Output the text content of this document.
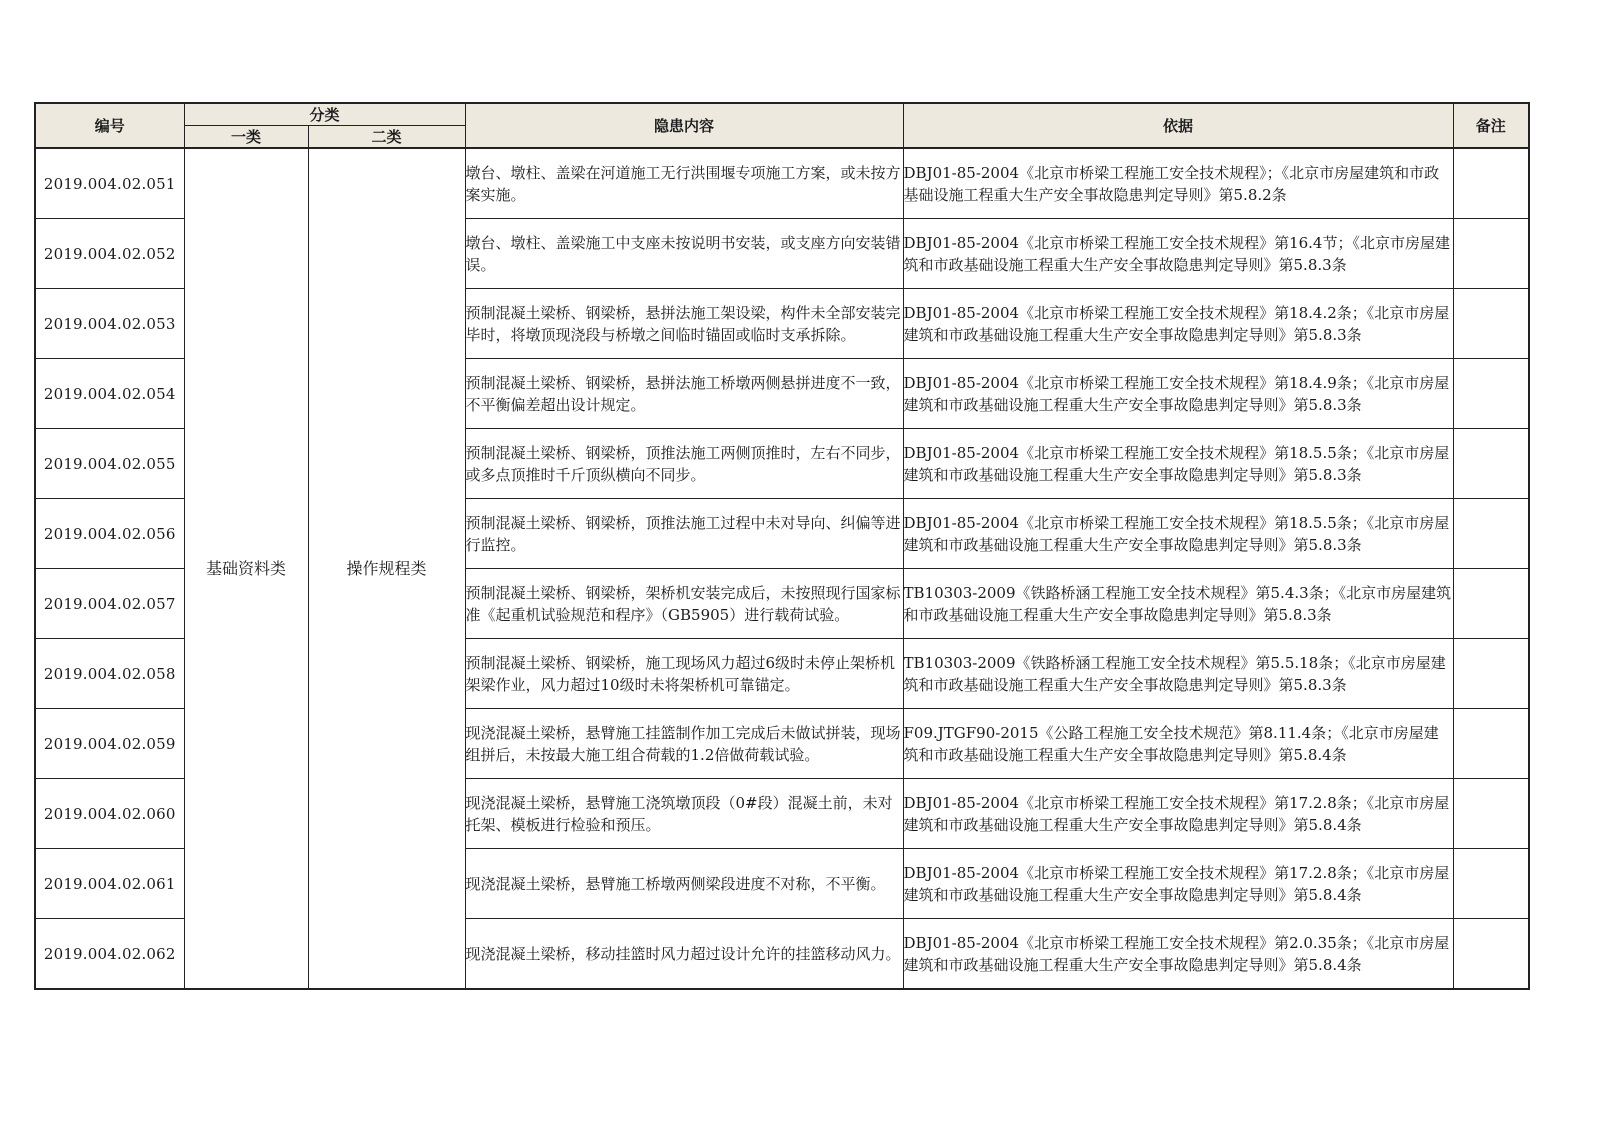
编号	分类		隐患内容	依据	备注
	一类	二类			
2019.004.02.051	基础资料类	操作规程类	墩台、墩柱、盖梁在河道施工无行洪围堰专项施工方案，或未按方案实施。	DBJ01-85-2004《北京市桥梁工程施工安全技术规程》；《北京市房屋建筑和市政基础设施工程重大生产安全事故隐患判定导则》第5.8.2条	
2019.004.02.052			墩台、墩柱、盖梁施工中支座未按说明书安装，或支座方向安装错误。	DBJ01-85-2004《北京市桥梁工程施工安全技术规程》第16.4节；《北京市房屋建筑和市政基础设施工程重大生产安全事故隐患判定导则》第5.8.3条	
2019.004.02.053			预制混凝土梁桥、钢梁桥，悬拼法施工架设梁，构件未全部安装完毕时，将墩顶现浇段与桥墩之间临时锚固或临时支承拆除。	DBJ01-85-2004《北京市桥梁工程施工安全技术规程》第18.4.2条；《北京市房屋建筑和市政基础设施工程重大生产安全事故隐患判定导则》第5.8.3条	
2019.004.02.054			预制混凝土梁桥、钢梁桥，悬拼法施工桥墩两侧悬拼进度不一致，不平衡偏差超出设计规定。	DBJ01-85-2004《北京市桥梁工程施工安全技术规程》第18.4.9条；《北京市房屋建筑和市政基础设施工程重大生产安全事故隐患判定导则》第5.8.3条	
2019.004.02.055			预制混凝土梁桥、钢梁桥，顶推法施工两侧顶推时，左右不同步，或多点顶推时千斤顶纵横向不同步。	DBJ01-85-2004《北京市桥梁工程施工安全技术规程》第18.5.5条；《北京市房屋建筑和市政基础设施工程重大生产安全事故隐患判定导则》第5.8.3条	
2019.004.02.056			预制混凝土梁桥、钢梁桥，顶推法施工过程中未对导向、纠偏等进行监控。	DBJ01-85-2004《北京市桥梁工程施工安全技术规程》第18.5.5条；《北京市房屋建筑和市政基础设施工程重大生产安全事故隐患判定导则》第5.8.3条	
2019.004.02.057			预制混凝土梁桥、钢梁桥，架桥机安装完成后，未按照现行国家标准《起重机试验规范和程序》（GB5905）进行载荷试验。	TB10303-2009《铁路桥涵工程施工安全技术规程》第5.4.3条；《北京市房屋建筑和市政基础设施工程重大生产安全事故隐患判定导则》第5.8.3条	
2019.004.02.058			预制混凝土梁桥、钢梁桥，施工现场风力超过6级时未停止架桥机架梁作业，风力超过10级时未将架桥机可靠锚定。	TB10303-2009《铁路桥涵工程施工安全技术规程》第5.5.18条；《北京市房屋建筑和市政基础设施工程重大生产安全事故隐患判定导则》第5.8.3条	
2019.004.02.059			现浇混凝土梁桥，悬臂施工挂篮制作加工完成后未做试拼装，现场组拼后，未按最大施工组合荷载的1.2倍做荷载试验。	F09.JTGF90-2015《公路工程施工安全技术规范》第8.11.4条；《北京市房屋建筑和市政基础设施工程重大生产安全事故隐患判定导则》第5.8.4条	
2019.004.02.060			现浇混凝土梁桥，悬臂施工浇筑墩顶段（0#段）混凝土前，未对托架、模板进行检验和预压。	DBJ01-85-2004《北京市桥梁工程施工安全技术规程》第17.2.8条；《北京市房屋建筑和市政基础设施工程重大生产安全事故隐患判定导则》第5.8.4条	
2019.004.02.061			现浇混凝土梁桥，悬臂施工桥墩两侧梁段进度不对称，不平衡。	DBJ01-85-2004《北京市桥梁工程施工安全技术规程》第17.2.8条；《北京市房屋建筑和市政基础设施工程重大生产安全事故隐患判定导则》第5.8.4条	
2019.004.02.062			现浇混凝土梁桥，移动挂篮时风力超过设计允许的挂篮移动风力。	DBJ01-85-2004《北京市桥梁工程施工安全技术规程》第2.0.35条；《北京市房屋建筑和市政基础设施工程重大生产安全事故隐患判定导则》第5.8.4条	
